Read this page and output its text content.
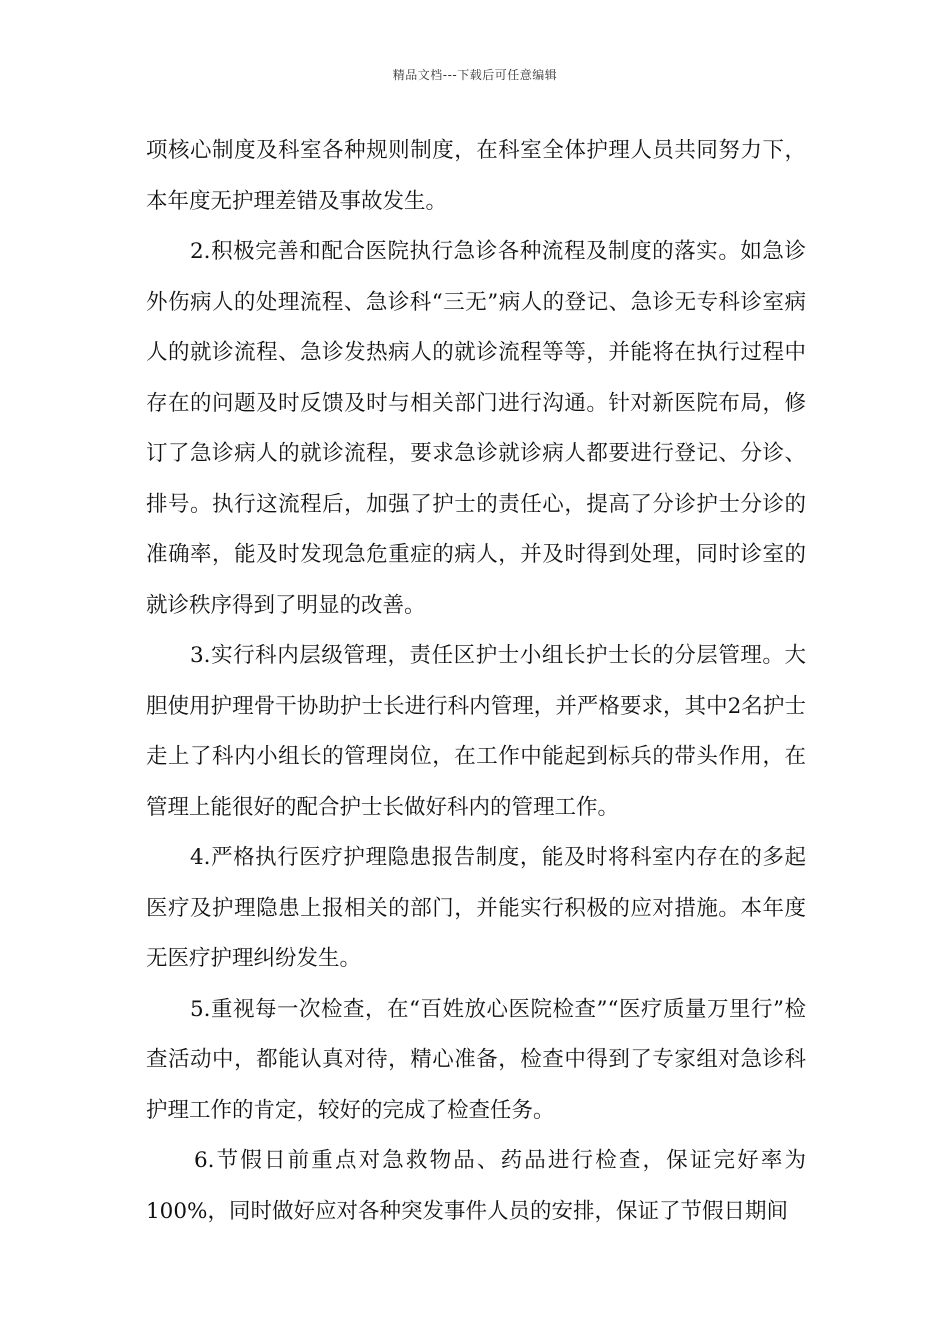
精品文档---下载后可任意编辑

项核心制度及科室各种规则制度，在科室全体护理人员共同努力下，本年度无护理差错及事故发生。

2.积极完善和配合医院执行急诊各种流程及制度的落实。如急诊外伤病人的处理流程、急诊科“三无”病人的登记、急诊无专科诊室病人的就诊流程、急诊发热病人的就诊流程等等，并能将在执行过程中存在的问题及时反馈及时与相关部门进行沟通。针对新医院布局，修订了急诊病人的就诊流程，要求急诊就诊病人都要进行登记、分诊、排号。执行这流程后，加强了护士的责任心，提高了分诊护士分诊的准确率，能及时发现急危重症的病人，并及时得到处理，同时诊室的就诊秩序得到了明显的改善。

3.实行科内层级管理，责任区护士小组长护士长的分层管理。大胆使用护理骨干协助护士长进行科内管理，并严格要求，其中2名护士走上了科内小组长的管理岗位，在工作中能起到标兵的带头作用，在管理上能很好的配合护士长做好科内的管理工作。

4.严格执行医疗护理隐患报告制度，能及时将科室内存在的多起医疗及护理隐患上报相关的部门，并能实行积极的应对措施。本年度无医疗护理纠纷发生。

5.重视每一次检查，在“百姓放心医院检查”“医疗质量万里行”检查活动中，都能认真对待，精心准备，检查中得到了专家组对急诊科护理工作的肯定，较好的完成了检查任务。

6.节假日前重点对急救物品、药品进行检查，保证完好率为100%，同时做好应对各种突发事件人员的安排，保证了节假日期间
